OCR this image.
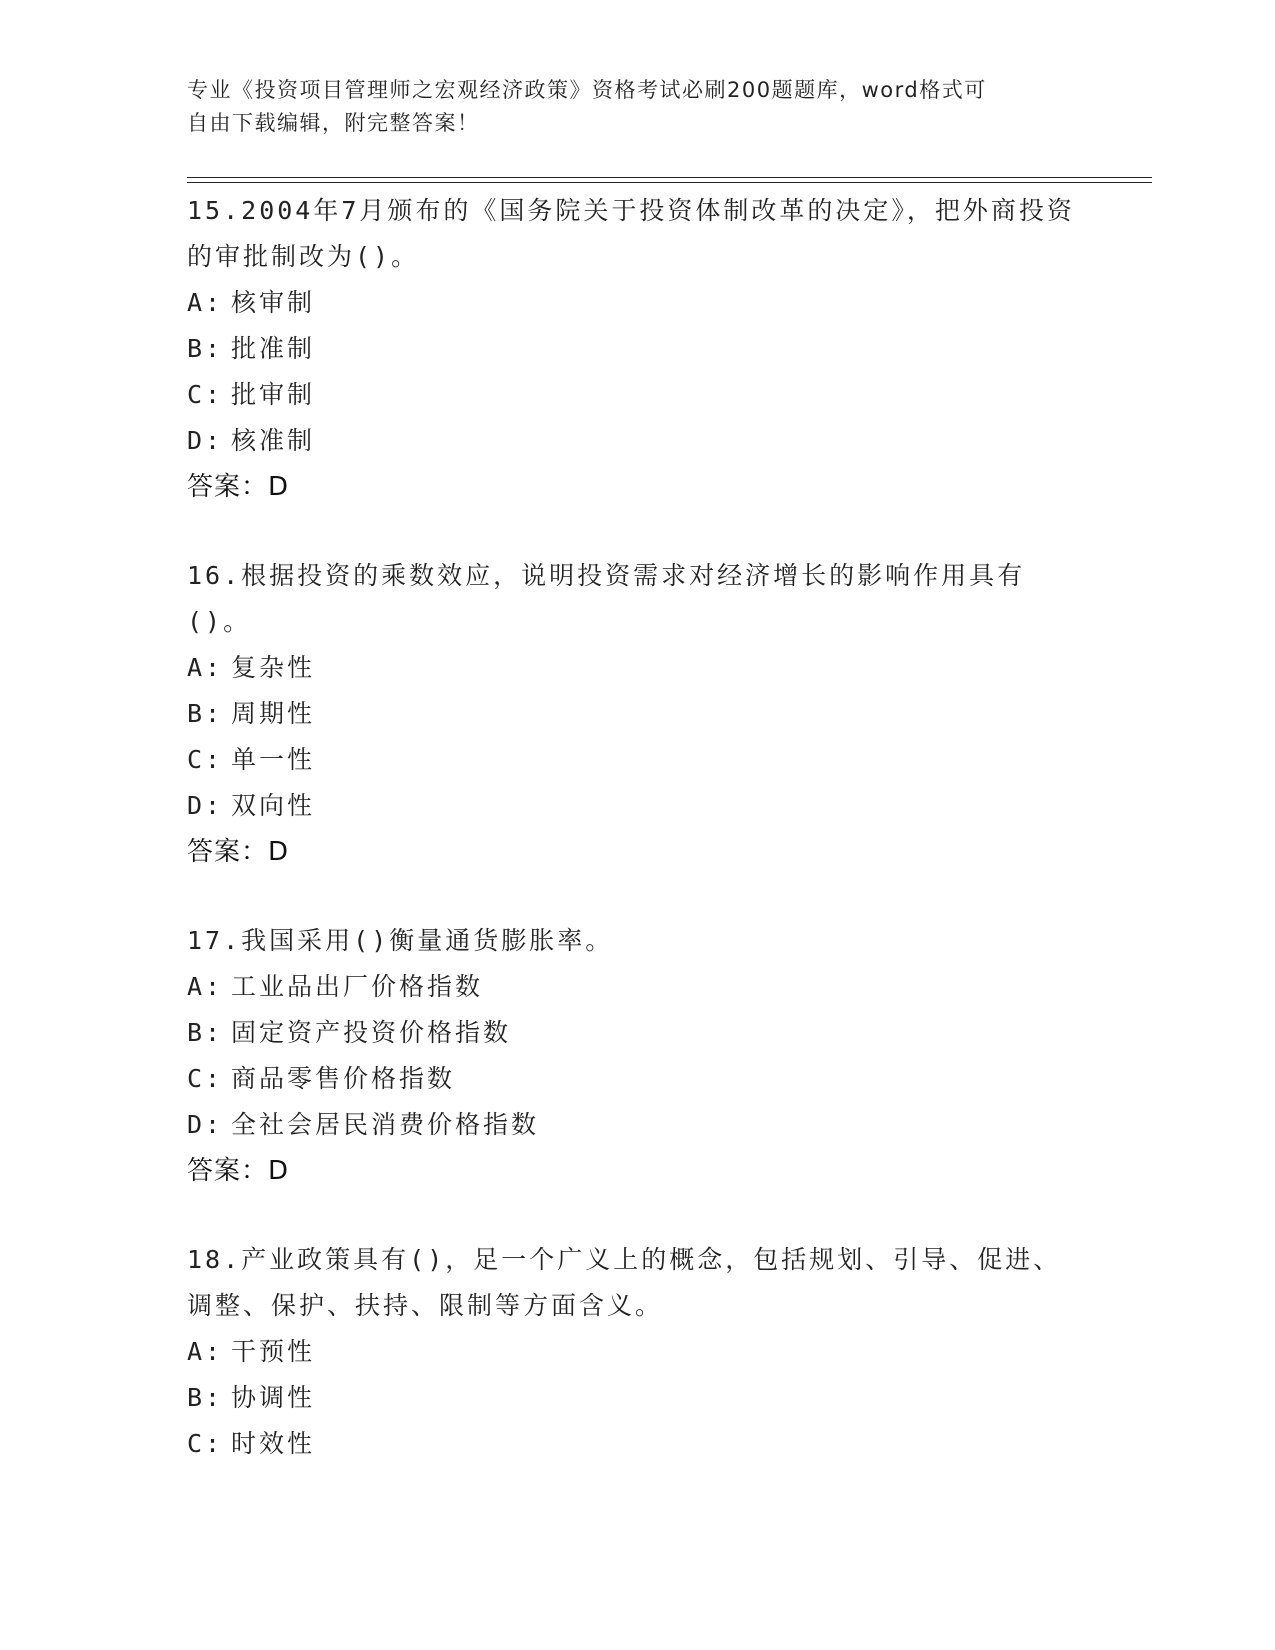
专业《投资项目管理师之宏观经济政策》资格考试必刷200题题库，word格式可
自由下载编辑，附完整答案！
15.2004年7月颁布的《国务院关于投资体制改革的决定》，把外商投资的审批制改为()。
A: 核审制
B: 批准制
C: 批审制
D: 核准制
答案：D
16.根据投资的乘数效应，说明投资需求对经济增长的影响作用具有()。
A: 复杂性
B: 周期性
C: 单一性
D: 双向性
答案：D
17.我国采用()衡量通货膨胀率。
A: 工业品出厂价格指数
B: 固定资产投资价格指数
C: 商品零售价格指数
D: 全社会居民消费价格指数
答案：D
18.产业政策具有()，足一个广义上的概念，包括规划、引导、促进、调整、保护、扶持、限制等方面含义。
A: 干预性
B: 协调性
C: 时效性
